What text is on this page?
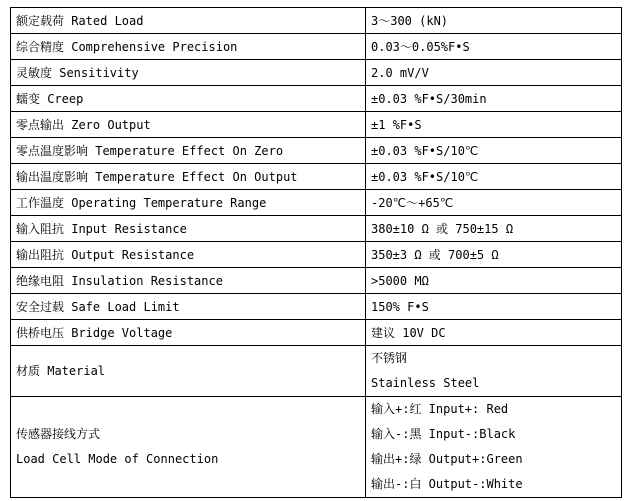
额定载荷 Rated Load	3～300 (kN)
综合精度 Comprehensive Precision	0.03～0.05%F•S
灵敏度 Sensitivity	2.0 mV/V
蠕变 Creep	±0.03 %F•S/30min
零点输出 Zero Output	±1 %F•S
零点温度影响 Temperature Effect On Zero	±0.03 %F•S/10℃
输出温度影响 Temperature Effect On Output	±0.03 %F•S/10℃
工作温度 Operating Temperature Range	-20℃～+65℃
输入阻抗 Input Resistance	380±10 Ω 或 750±15 Ω
输出阻抗 Output Resistance	350±3 Ω 或 700±5 Ω
绝缘电阻 Insulation Resistance	>5000 MΩ
安全过载 Safe Load Limit	150% F•S
供桥电压 Bridge Voltage	建议 10V DC
材质 Material	不锈钢
Stainless Steel

传感器接线方式
Load Cell Mode of Connection	输入+:红 Input+: Red
输入-:黑 Input-:Black
输出+:绿 Output+:Green
输出-:白 Output-:White
